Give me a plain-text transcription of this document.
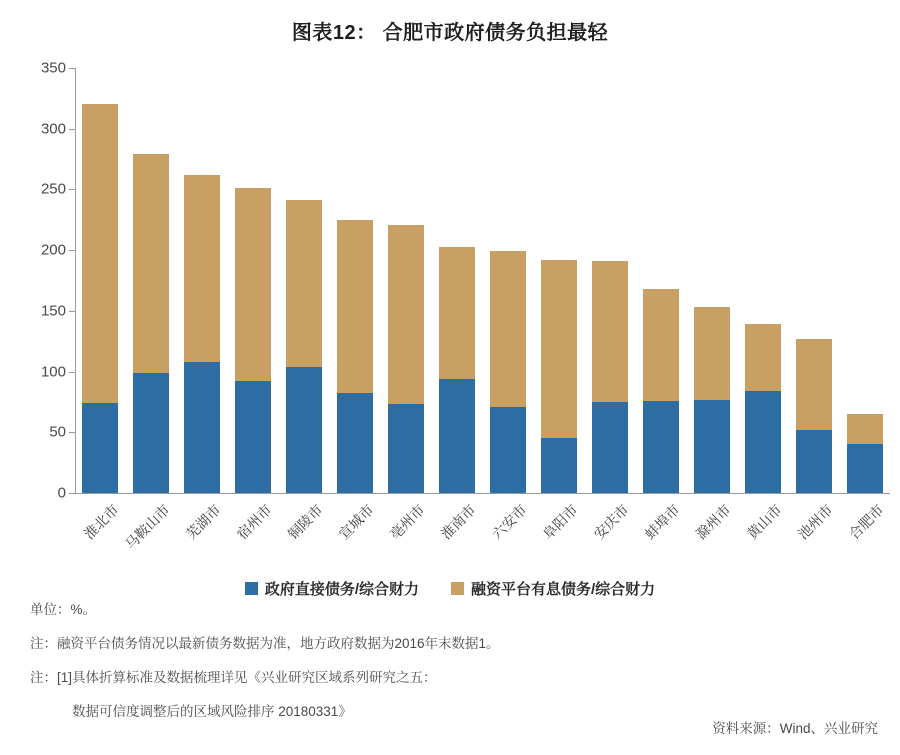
图表12： 合肥市政府债务负担最轻
0
50
100
150
200
250
300
350
淮北市 马鞍山市 芜湖市 宿州市 铜陵市 宣城市 亳州市 淮南市 六安市 阜阳市 安庆市 蚌埠市 滁州市 黄山市 池州市 合肥市
政府直接债务/综合财力	融资平台有息债务/综合财力
单位：%。
注：融资平台债务情况以最新债务数据为准，地方政府数据为2016年末数据1。
注：[1]具体折算标准及数据梳理详见《兴业研究区域系列研究之五：
数据可信度调整后的区域风险排序 20180331》
资料来源：Wind、兴业研究
